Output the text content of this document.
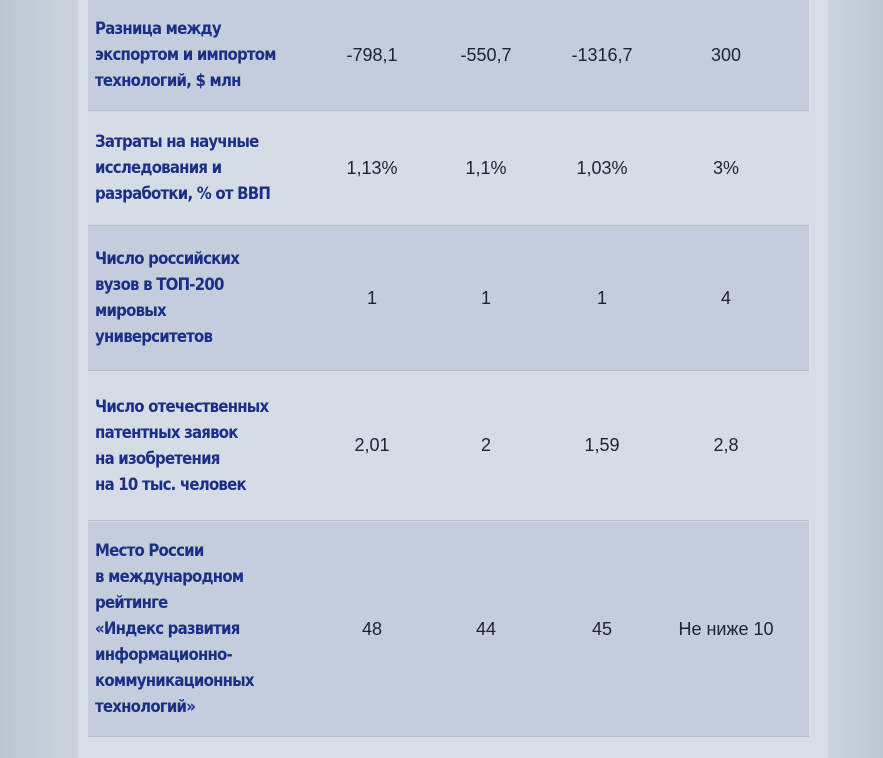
Разница между
экспортом и импортом
технологий, $ млн
-798,1	-550,7	-1316,7	300
Затраты на научные
исследования и
разработки, % от ВВП
1,13%	1,1%	1,03%	3%
Число российских
вузов в ТОП-200
мировых
университетов
1	1	1	4
Число отечественных
патентных заявок
на изобретения
на 10 тыс. человек
2,01	2	1,59	2,8
Место России
в международном
рейтинге
«Индекс развития
информационно-
коммуникационных
технологий»
48	44	45	Не ниже 10
